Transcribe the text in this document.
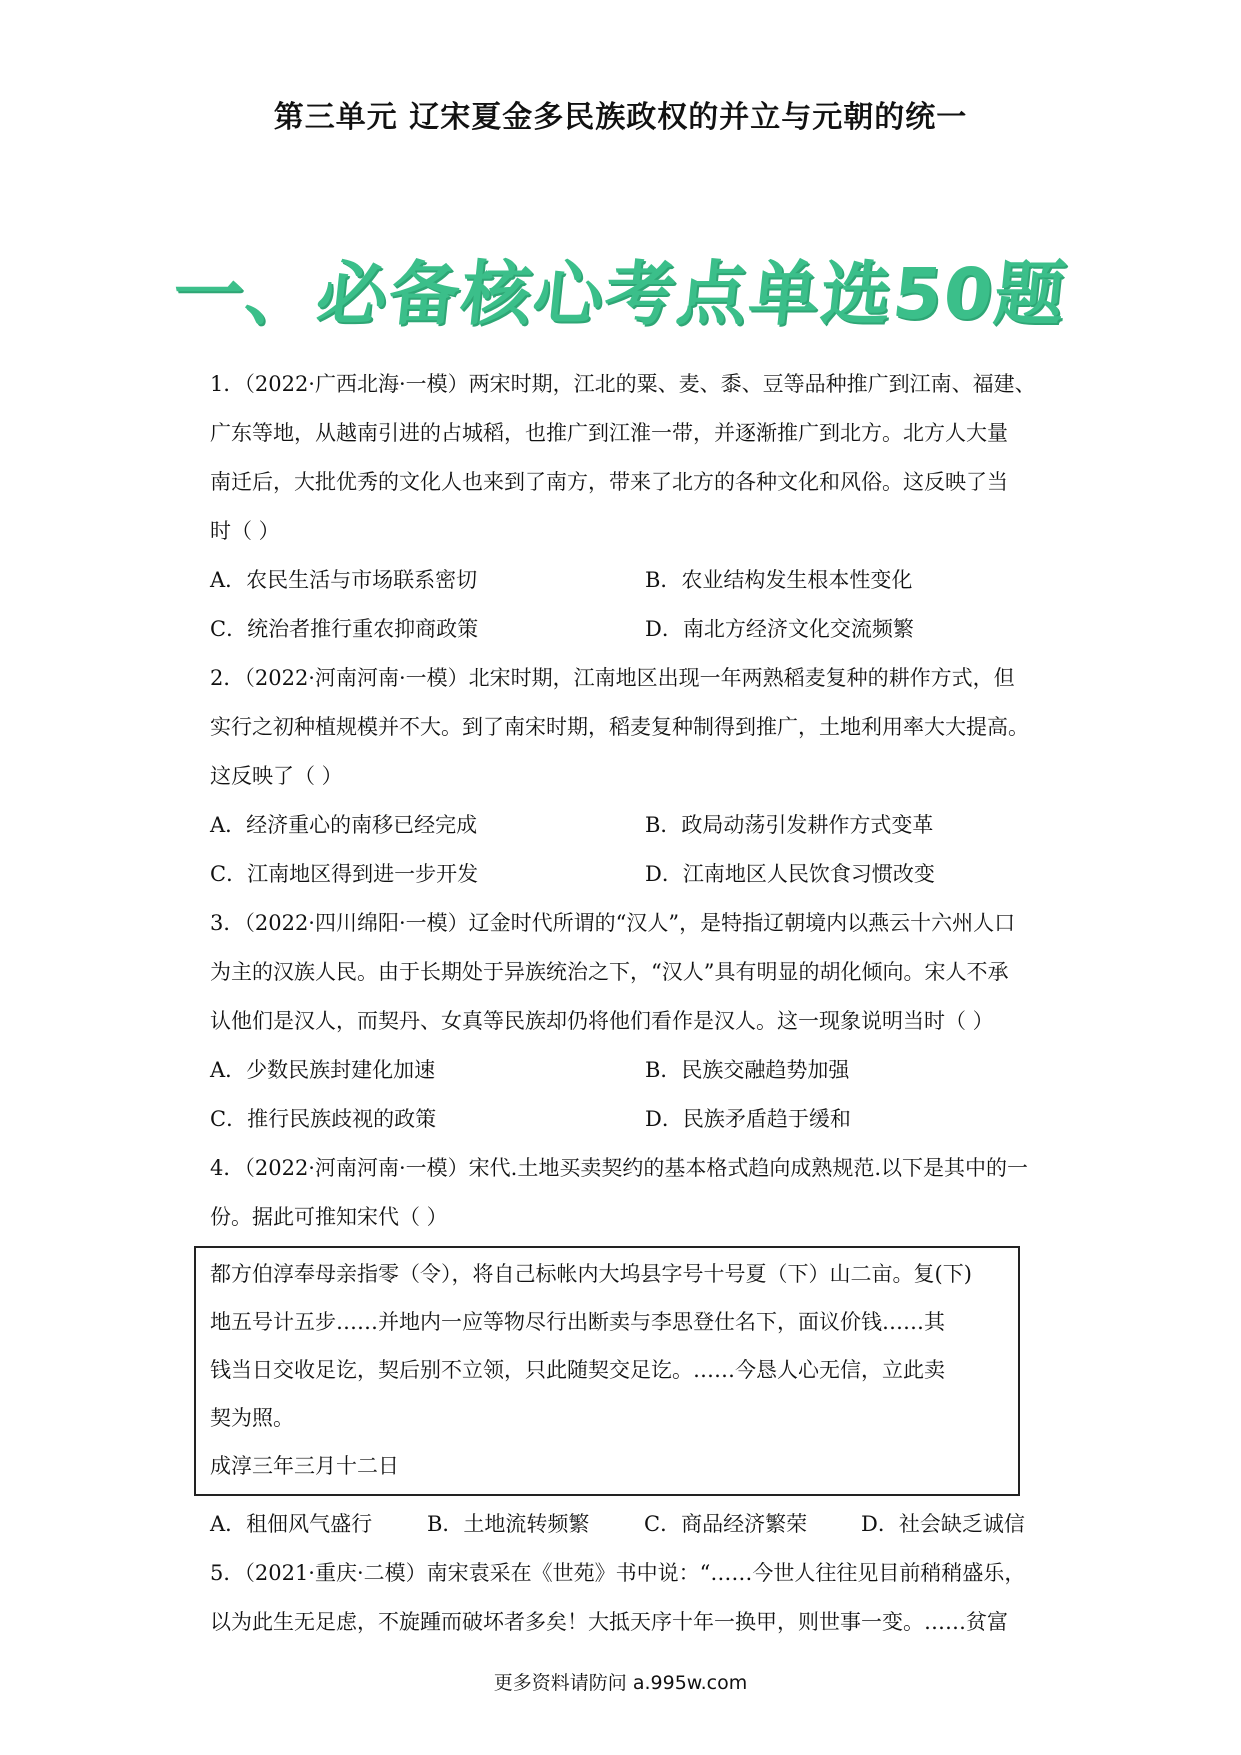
第三单元 辽宋夏金多民族政权的并立与元朝的统一
一、必备核心考点单选50题
1．（2022·广西北海·一模）两宋时期，江北的粟、麦、黍、豆等品种推广到江南、福建、
广东等地，从越南引进的占城稻，也推广到江淮一带，并逐渐推广到北方。北方人大量
南迁后，大批优秀的文化人也来到了南方，带来了北方的各种文化和风俗。这反映了当
时（ ）
A．农民生活与市场联系密切	B．农业结构发生根本性变化
C．统治者推行重农抑商政策	D．南北方经济文化交流频繁
2．（2022·河南河南·一模）北宋时期，江南地区出现一年两熟稻麦复种的耕作方式，但
实行之初种植规模并不大。到了南宋时期，稻麦复种制得到推广，土地利用率大大提高。
这反映了（ ）
A．经济重心的南移已经完成	B．政局动荡引发耕作方式变革
C．江南地区得到进一步开发	D．江南地区人民饮食习惯改变
3．（2022·四川绵阳·一模）辽金时代所谓的“汉人”，是特指辽朝境内以燕云十六州人口
为主的汉族人民。由于长期处于异族统治之下，“汉人”具有明显的胡化倾向。宋人不承
认他们是汉人，而契丹、女真等民族却仍将他们看作是汉人。这一现象说明当时（ ）
A．少数民族封建化加速	B．民族交融趋势加强
C．推行民族歧视的政策	D．民族矛盾趋于缓和
4．（2022·河南河南·一模）宋代.土地买卖契约的基本格式趋向成熟规范.以下是其中的一
份。据此可推知宋代（ ）
都方伯淳奉母亲指零（令），将自己标帐内大坞县字号十号夏（下）山二亩。复(下)
地五号计五步……并地内一应等物尽行出断卖与李思登仕名下，面议价钱……其
钱当日交收足讫，契后别不立领，只此随契交足讫。……今恳人心无信，立此卖
契为照。
成淳三年三月十二日
A．租佃风气盛行	B．土地流转频繁	C．商品经济繁荣	D．社会缺乏诚信
5．（2021·重庆·二模）南宋袁采在《世苑》书中说：“……今世人往往见目前稍稍盛乐，
以为此生无足虑，不旋踵而破坏者多矣！大抵天序十年一换甲，则世事一变。……贫富
更多资料请防问 a.995w.com
